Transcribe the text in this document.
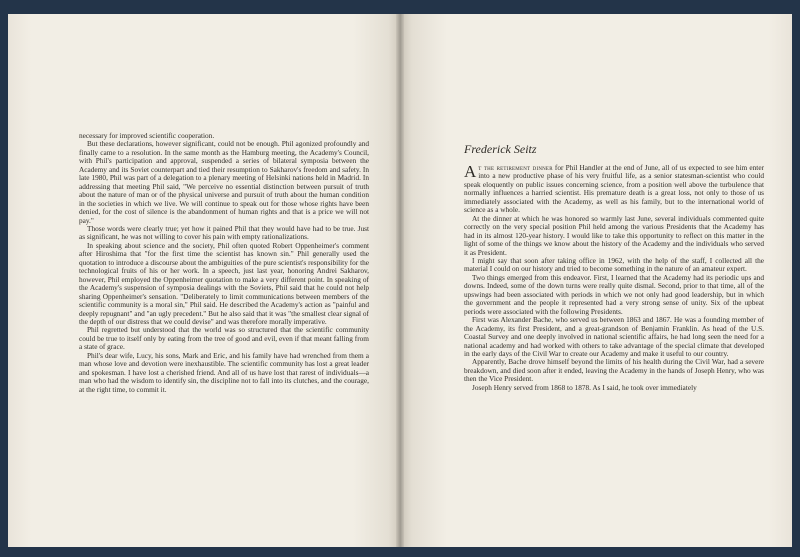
necessary for improved scientific cooperation.

But these declarations, however significant, could not be enough. Phil agonized profoundly and finally came to a resolution. In the same month as the Hamburg meeting, the Academy's Council, with Phil's participation and approval, suspended a series of bilateral symposia between the Academy and its Soviet counterpart and tied their resumption to Sakharov's freedom and safety. In late 1980, Phil was part of a delegation to a plenary meeting of Helsinki nations held in Madrid. In addressing that meeting Phil said, "We perceive no essential distinction between pursuit of truth about the nature of man or of the physical universe and pursuit of truth about the human condition in the societies in which we live. We will continue to speak out for those whose rights have been denied, for the cost of silence is the abandonment of human rights and that is a price we will not pay."

Those words were clearly true; yet how it pained Phil that they would have had to be true. Just as significant, he was not willing to cover his pain with empty rationalizations.

In speaking about science and the society, Phil often quoted Robert Oppenheimer's comment after Hiroshima that "for the first time the scientist has known sin." Phil generally used the quotation to introduce a discourse about the ambiguities of the pure scientist's responsibility for the technological fruits of his or her work. In a speech, just last year, honoring Andrei Sakharov, however, Phil employed the Oppenheimer quotation to make a very different point. In speaking of the Academy's suspension of symposia dealings with the Soviets, Phil said that he could not help sharing Oppenheimer's sensation. "Deliberately to limit communications between members of the scientific community is a moral sin," Phil said. He described the Academy's action as "painful and deeply repugnant" and "an ugly precedent." But he also said that it was "the smallest clear signal of the depth of our distress that we could devise" and was therefore morally imperative.

Phil regretted but understood that the world was so structured that the scientific community could be true to itself only by eating from the tree of good and evil, even if that meant falling from a state of grace.

Phil's dear wife, Lucy, his sons, Mark and Eric, and his family have had wrenched from them a man whose love and devotion were inexhaustible. The scientific community has lost a great leader and spokesman. I have lost a cherished friend. And all of us have lost that rarest of individuals—a man who had the wisdom to identify sin, the discipline not to fall into its clutches, and the courage, at the right time, to commit it.

Frederick Seitz

At the retirement dinner for Phil Handler at the end of June, all of us expected to see him enter into a new productive phase of his very fruitful life, as a senior statesman-scientist who could speak eloquently on public issues concerning science, from a position well above the turbulence that normally influences a harried scientist. His premature death is a great loss, not only to those of us immediately associated with the Academy, as well as his family, but to the international world of science as a whole.

At the dinner at which he was honored so warmly last June, several individuals commented quite correctly on the very special position Phil held among the various Presidents that the Academy has had in its almost 120-year history. I would like to take this opportunity to reflect on this matter in the light of some of the things we know about the history of the Academy and the individuals who served it as President.

I might say that soon after taking office in 1962, with the help of the staff, I collected all the material I could on our history and tried to become something in the nature of an amateur expert.

Two things emerged from this endeavor. First, I learned that the Academy had its periodic ups and downs. Indeed, some of the down turns were really quite dismal. Second, prior to that time, all of the upswings had been associated with periods in which we not only had good leadership, but in which the government and the people it represented had a very strong sense of unity. Six of the upbeat periods were associated with the following Presidents.

First was Alexander Bache, who served us between 1863 and 1867. He was a founding member of the Academy, its first President, and a great-grandson of Benjamin Franklin. As head of the U.S. Coastal Survey and one deeply involved in national scientific affairs, he had long seen the need for a national academy and had worked with others to take advantage of the special climate that developed in the early days of the Civil War to create our Academy and make it useful to our country.

Apparently, Bache drove himself beyond the limits of his health during the Civil War, had a severe breakdown, and died soon after it ended, leaving the Academy in the hands of Joseph Henry, who was then the Vice President.

Joseph Henry served from 1868 to 1878. As I said, he took over immediately
